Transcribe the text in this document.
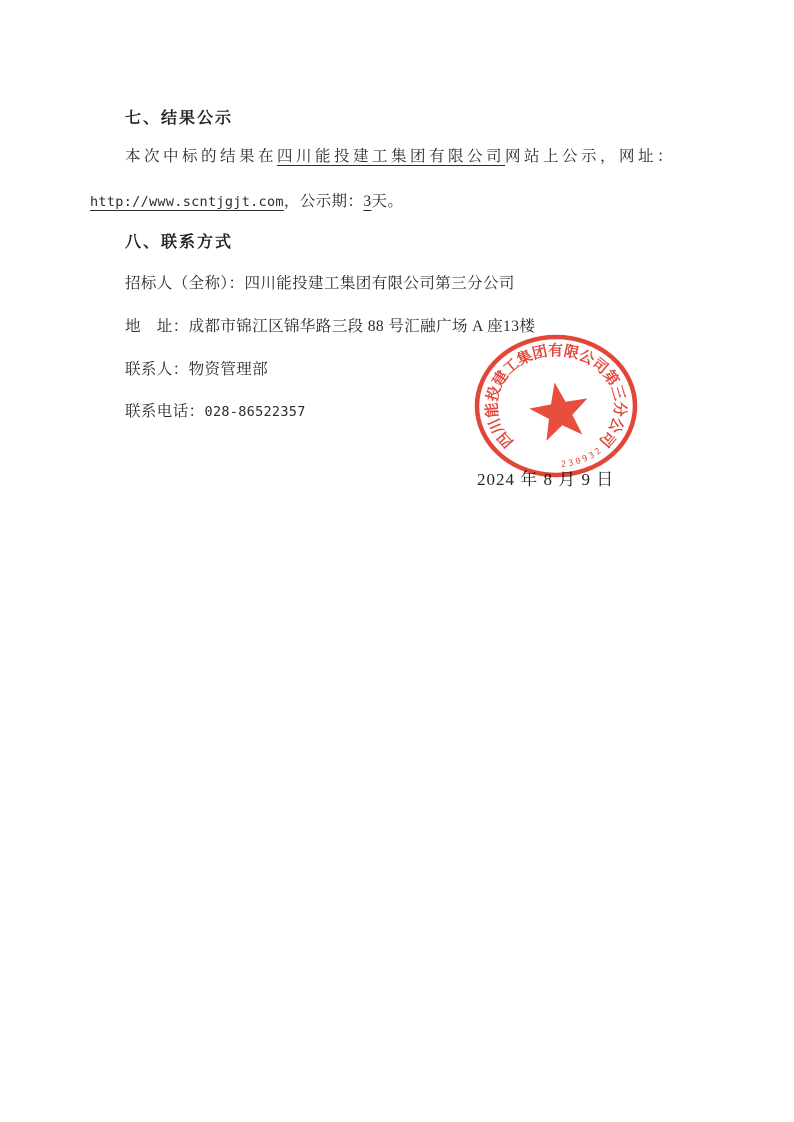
七、结果公示
本次中标的结果在四川能投建工集团有限公司网站上公示，网址：
http://www.scntjgjt.com，公示期：3天。
八、联系方式
招标人（全称）：四川能投建工集团有限公司第三分公司
地　址：成都市锦江区锦华路三段 88 号汇融广场 A 座13楼
联系人：物资管理部
联系电话：028-86522357
2024 年 8 月 9 日
四川能投建工集团有限公司第三分公司
230932
